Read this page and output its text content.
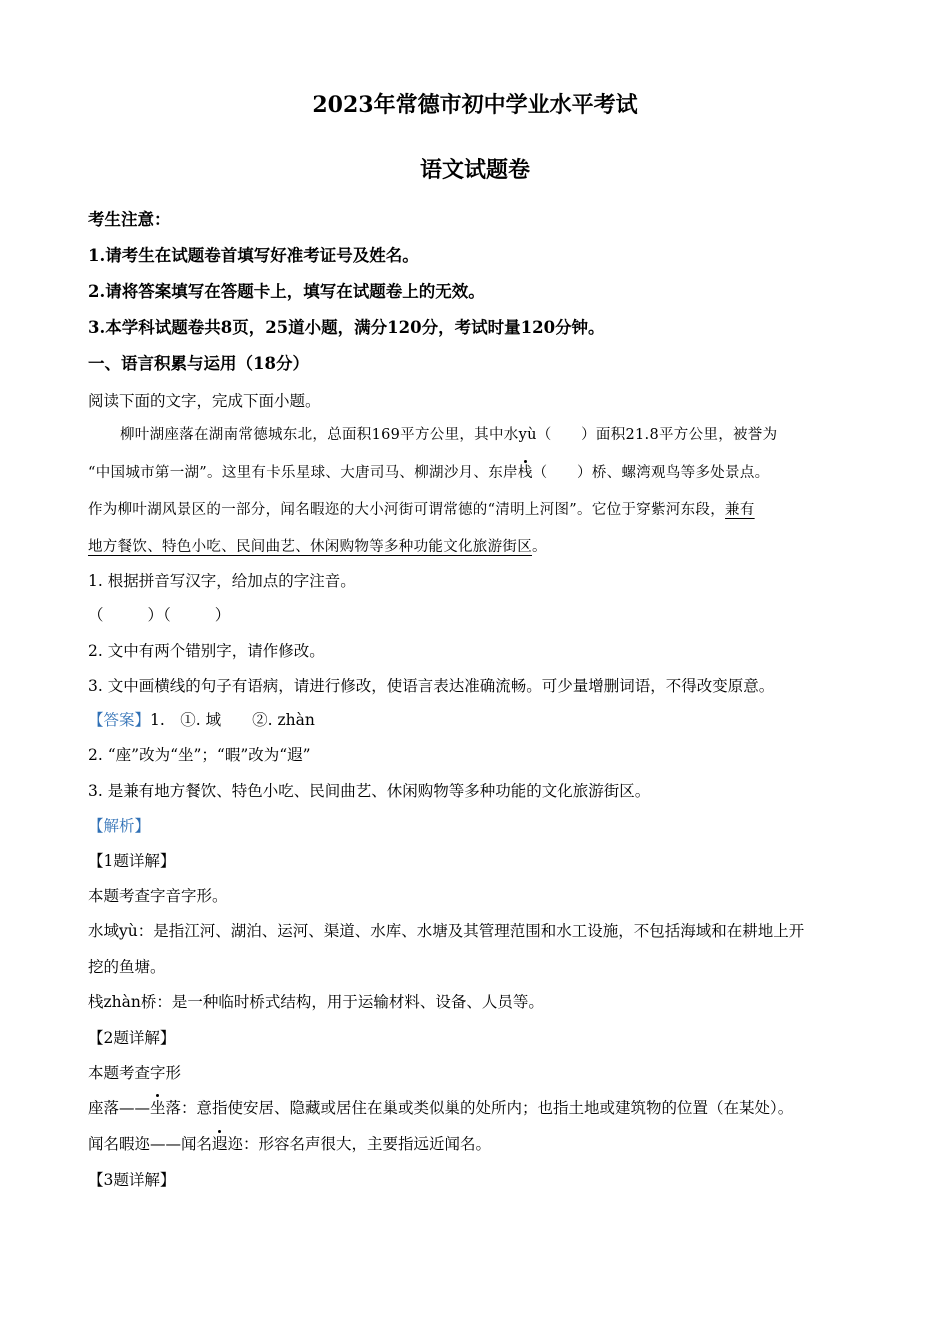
2023年常德市初中学业水平考试
语文试题卷
考生注意：
1.请考生在试题卷首填写好准考证号及姓名。
2.请将答案填写在答题卡上，填写在试题卷上的无效。
3.本学科试题卷共8页，25道小题，满分120分，考试时量120分钟。
一、语言积累与运用（18分）
阅读下面的文字，完成下面小题。
柳叶湖座落在湖南常德城东北，总面积169平方公里，其中水yù（　　）面积21.8平方公里，被誉为
“中国城市第一湖”。这里有卡乐星球、大唐司马、柳湖沙月、东岸栈（　　）桥、螺湾观鸟等多处景点。
作为柳叶湖风景区的一部分，闻名暇迩的大小河街可谓常德的“清明上河图”。它位于穿紫河东段，兼有
地方餐饮、特色小吃、民间曲艺、休闲购物等多种功能文化旅游街区。
1. 根据拼音写汉字，给加点的字注音。
（	）（	）
2. 文中有两个错别字，请作修改。
3. 文中画横线的句子有语病，请进行修改，使语言表达准确流畅。可少量增删词语，不得改变原意。
【答案】1.　①. 域　　②. zhàn
2. “座”改为“坐”；“暇”改为“遐”
3. 是兼有地方餐饮、特色小吃、民间曲艺、休闲购物等多种功能的文化旅游街区。
【解析】
【1题详解】
本题考查字音字形。
水域yù：是指江河、湖泊、运河、渠道、水库、水塘及其管理范围和水工设施，不包括海域和在耕地上开
挖的鱼塘。
栈zhàn桥：是一种临时桥式结构，用于运输材料、设备、人员等。
【2题详解】
本题考查字形
座落——坐落：意指使安居、隐藏或居住在巢或类似巢的处所内；也指土地或建筑物的位置（在某处）。
闻名暇迩——闻名遐迩：形容名声很大，主要指远近闻名。
【3题详解】
